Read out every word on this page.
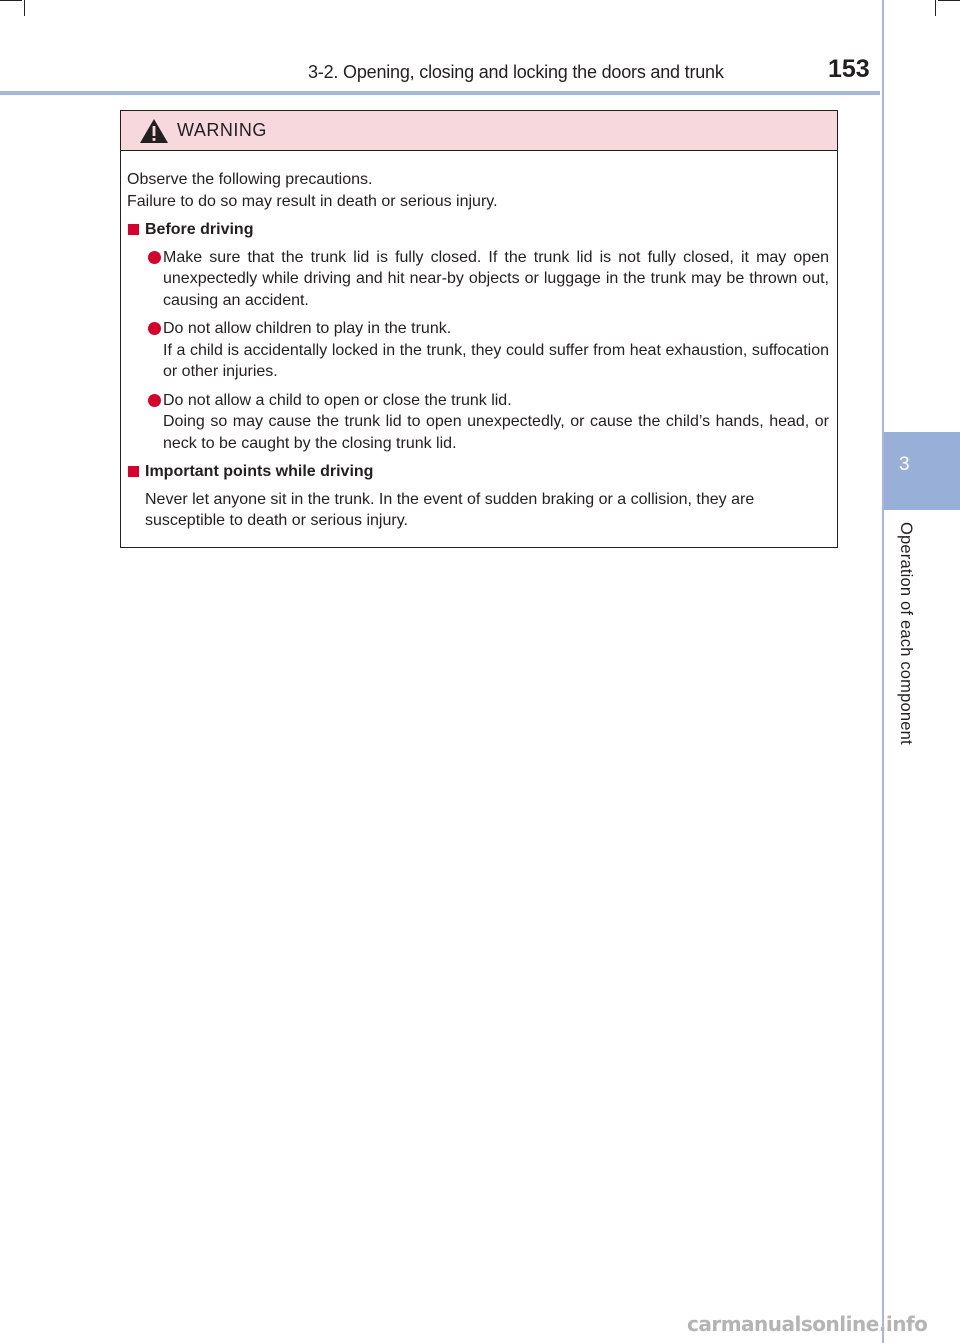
3-2. Opening, closing and locking the doors and trunk	153
3
Operation of each component
WARNING

Observe the following precautions.
Failure to do so may result in death or serious injury.

Before driving
Make sure that the trunk lid is fully closed. If the trunk lid is not fully closed, it may open unexpectedly while driving and hit near-by objects or luggage in the trunk may be thrown out, causing an accident.
Do not allow children to play in the trunk.
If a child is accidentally locked in the trunk, they could suffer from heat exhaustion, suffocation or other injuries.
Do not allow a child to open or close the trunk lid.
Doing so may cause the trunk lid to open unexpectedly, or cause the child’s hands, head, or neck to be caught by the closing trunk lid.
Important points while driving

Never let anyone sit in the trunk. In the event of sudden braking or a collision, they are susceptible to death or serious injury.

carmanualsonline.info
